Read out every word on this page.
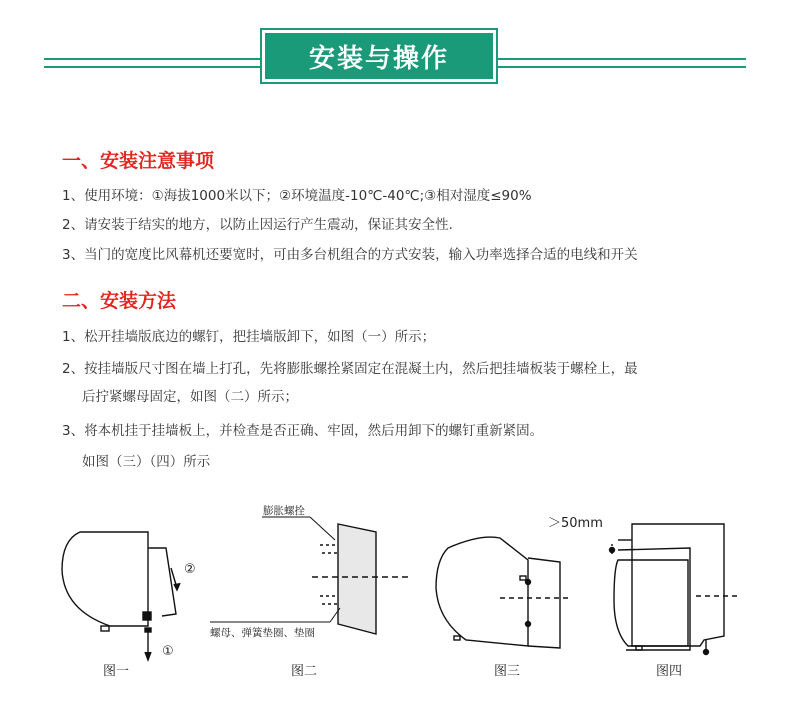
安装与操作
一、安装注意事项
1、使用环境：①海拔1000米以下；②环境温度-10℃-40℃;③相对湿度≤90%
2、请安装于结实的地方，以防止因运行产生震动，保证其安全性.
3、当门的宽度比风幕机还要宽时，可由多台机组合的方式安装，输入功率选择合适的电线和开关
二、安装方法
1、松开挂墙版底边的螺钉，把挂墙版卸下，如图（一）所示；
2、按挂墙版尺寸图在墙上打孔，先将膨胀螺拴紧固定在混凝土内，然后把挂墙板装于螺栓上，最
后拧紧螺母固定，如图（二）所示；
3、将本机挂于挂墙板上，并检查是否正确、牢固，然后用卸下的螺钉重新紧固。
如图（三）（四）所示
②
①
图一
膨胀螺拴
螺母、弹簧垫圈、垫圈
图二
＞50mm
图三	图四
